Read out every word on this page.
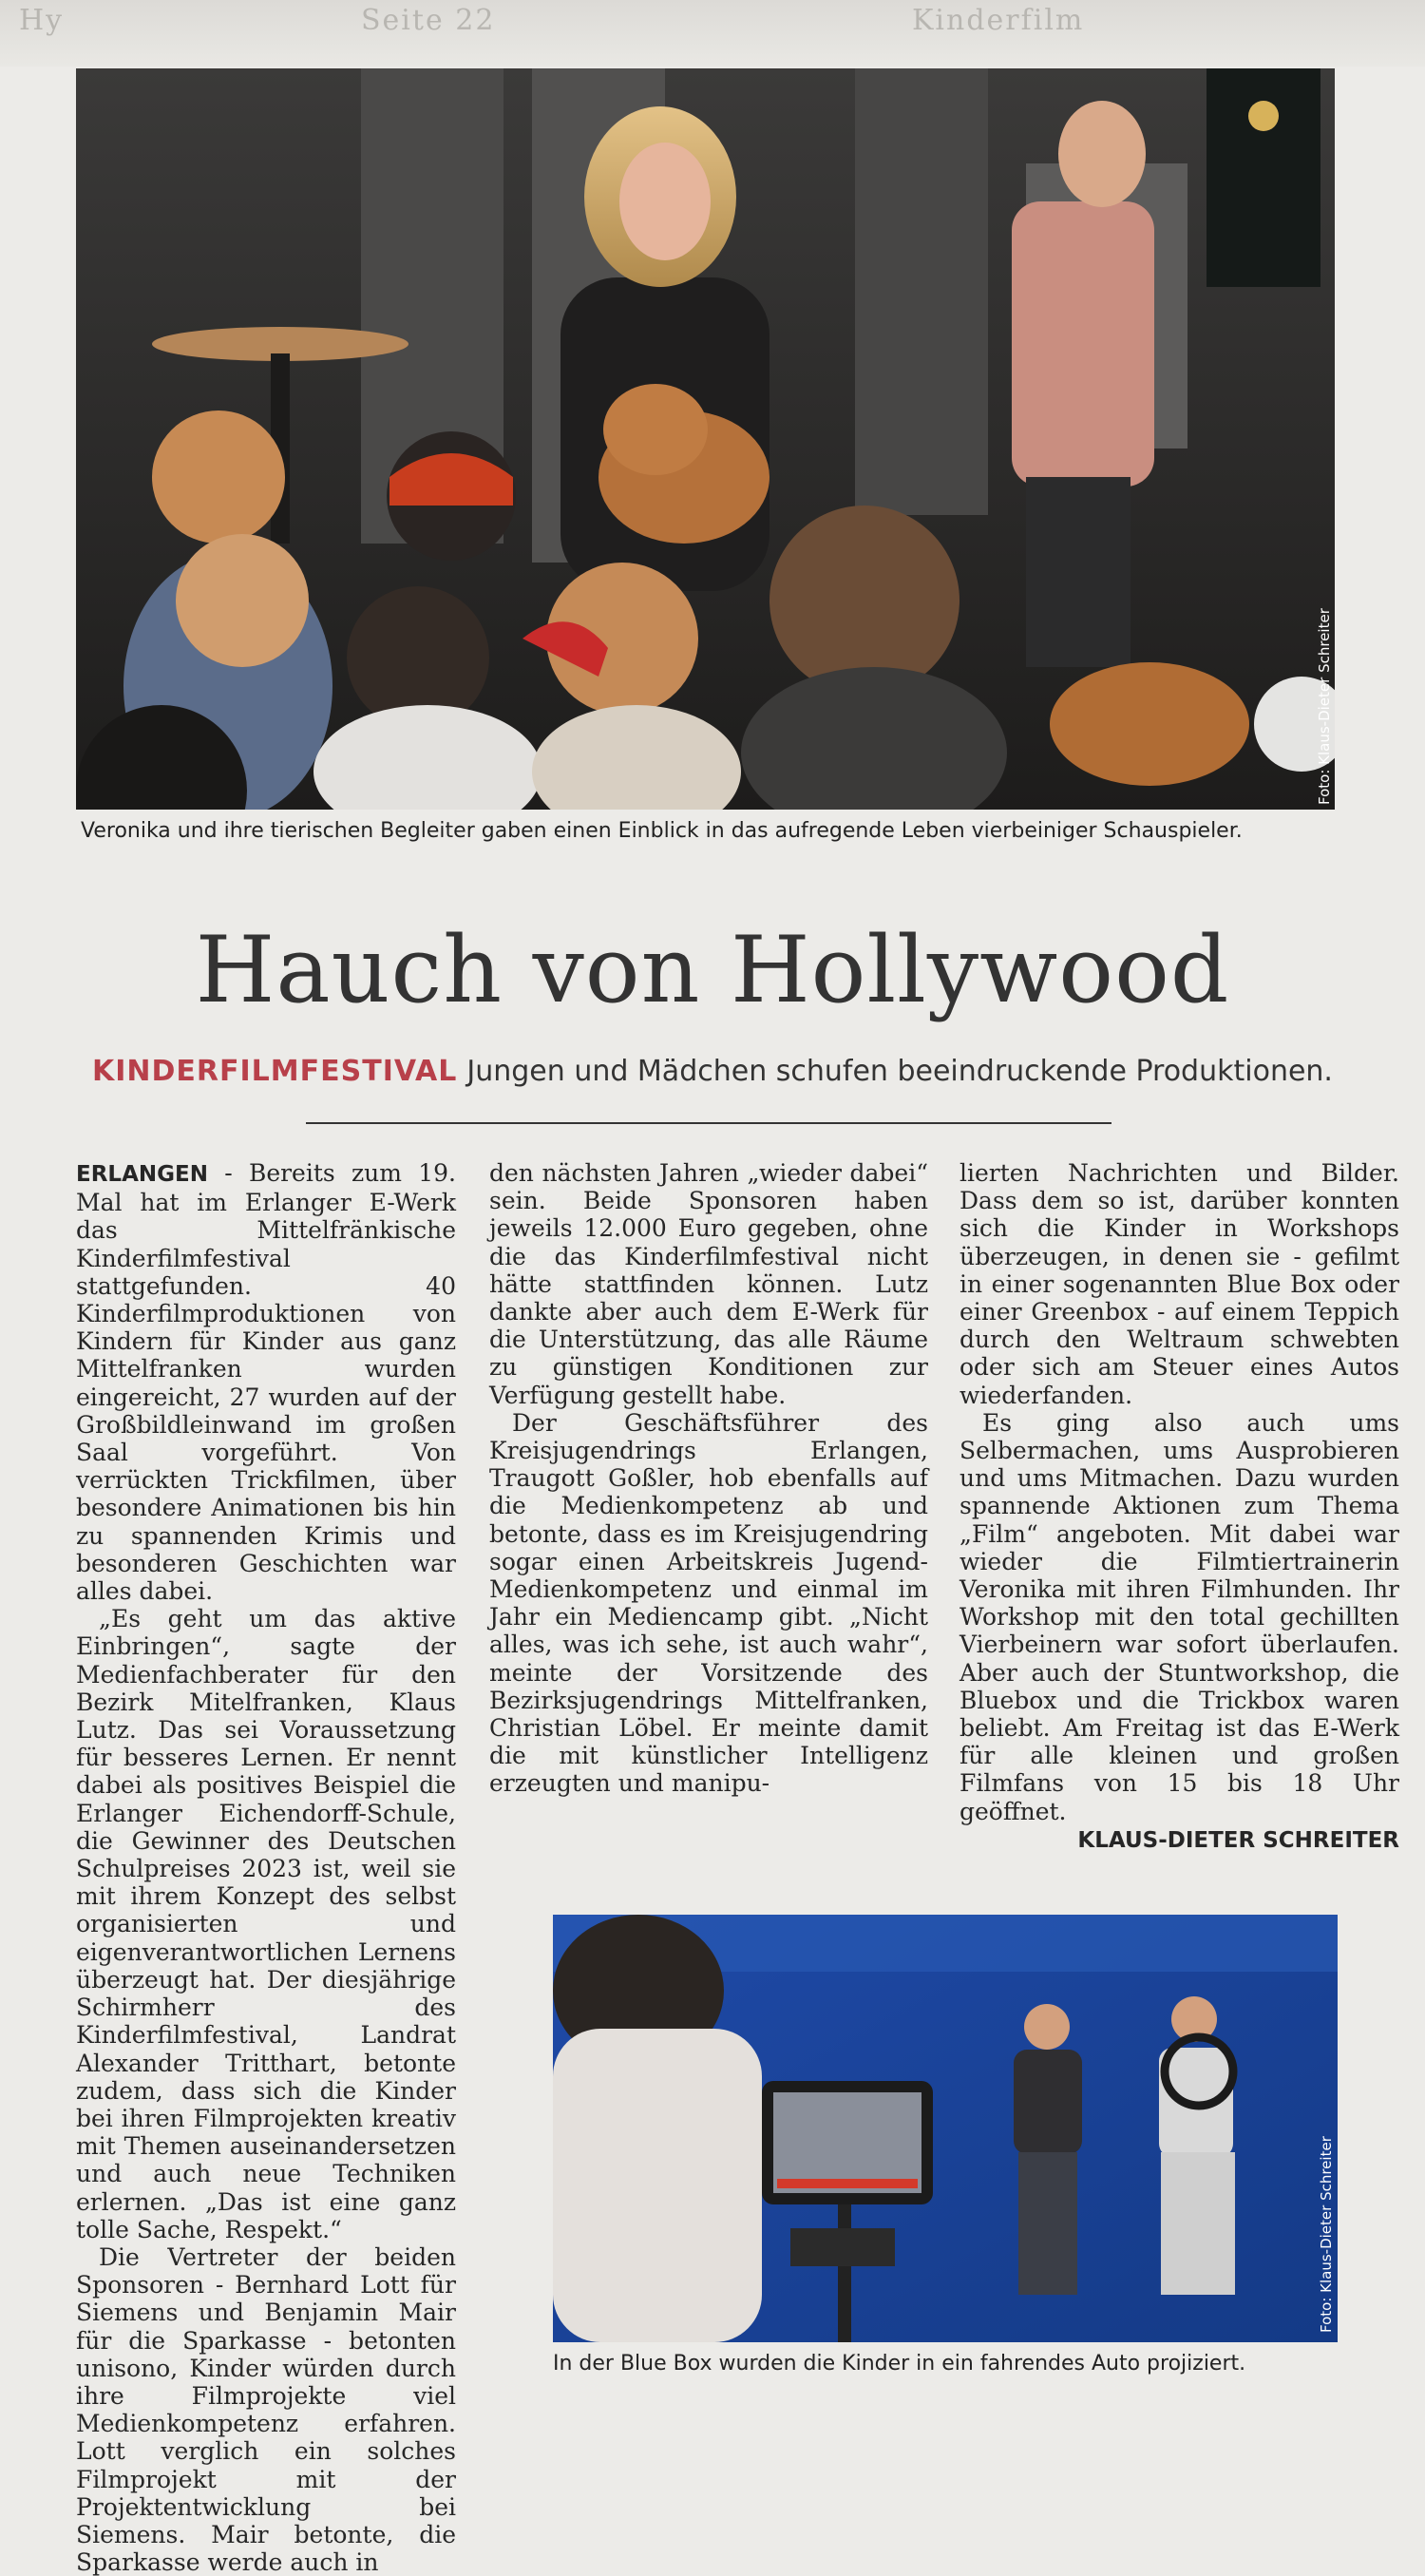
Hy	Seite 22	Kinderfilm
Foto: Klaus-Dieter Schreiter
Veronika und ihre tierischen Begleiter gaben einen Einblick in das aufregende Leben vierbeiniger Schauspieler.
Hauch von Hollywood
KINDERFILMFESTIVAL Jungen und Mädchen schufen beeindruckende Produktionen.

ERLANGEN - Bereits zum 19. Mal hat im Erlanger E-Werk das Mittelfränkische Kinderfilmfestival stattgefunden. 40 Kinderfilmproduktionen von Kindern für Kinder aus ganz Mittelfranken wurden eingereicht, 27 wurden auf der Großbildleinwand im großen Saal vorgeführt. Von verrückten Trickfilmen, über besondere Animationen bis hin zu spannenden Krimis und besonderen Geschichten war alles dabei.

„Es geht um das aktive Einbringen“, sagte der Medienfachberater für den Bezirk Mitelfranken, Klaus Lutz. Das sei Voraussetzung für besseres Lernen. Er nennt dabei als positives Beispiel die Erlanger Eichendorff-Schule, die Gewinner des Deutschen Schulpreises 2023 ist, weil sie mit ihrem Konzept des selbst organisierten und eigenverantwortlichen Lernens überzeugt hat. Der diesjährige Schirmherr des Kinderfilmfestival, Landrat Alexander Tritthart, betonte zudem, dass sich die Kinder bei ihren Filmprojekten kreativ mit Themen auseinandersetzen und auch neue Techniken erlernen. „Das ist eine ganz tolle Sache, Respekt.“

Die Vertreter der beiden Sponsoren - Bernhard Lott für Siemens und Benjamin Mair für die Sparkasse - betonten unisono, Kinder würden durch ihre Filmprojekte viel Medienkompetenz erfahren. Lott verglich ein solches Filmprojekt mit der Projektentwicklung bei Siemens. Mair betonte, die Sparkasse werde auch in

den nächsten Jahren „wieder dabei“ sein. Beide Sponsoren haben jeweils 12.000 Euro gegeben, ohne die das Kinderfilmfestival nicht hätte stattfinden können. Lutz dankte aber auch dem E-Werk für die Unterstützung, das alle Räume zu günstigen Konditionen zur Verfügung gestellt habe.

Der Geschäftsführer des Kreisjugendrings Erlangen, Traugott Goßler, hob ebenfalls auf die Medienkompetenz ab und betonte, dass es im Kreisjugendring sogar einen Arbeitskreis Jugend-Medienkompetenz und einmal im Jahr ein Mediencamp gibt. „Nicht alles, was ich sehe, ist auch wahr“, meinte der Vorsitzende des Bezirksjugendrings Mittelfranken, Christian Löbel. Er meinte damit die mit künstlicher Intelligenz erzeugten und manipu-

lierten Nachrichten und Bilder. Dass dem so ist, darüber konnten sich die Kinder in Workshops überzeugen, in denen sie - gefilmt in einer sogenannten Blue Box oder einer Greenbox - auf einem Teppich durch den Weltraum schwebten oder sich am Steuer eines Autos wiederfanden.

Es ging also auch ums Selbermachen, ums Ausprobieren und ums Mitmachen. Dazu wurden spannende Aktionen zum Thema „Film“ angeboten. Mit dabei war wieder die Filmtiertrainerin Veronika mit ihren Filmhunden. Ihr Workshop mit den total gechillten Vierbeinern war sofort überlaufen. Aber auch der Stuntworkshop, die Bluebox und die Trickbox waren beliebt. Am Freitag ist das E-Werk für alle kleinen und großen Filmfans von 15 bis 18 Uhr geöffnet.

KLAUS-DIETER SCHREITER
Foto: Klaus-Dieter Schreiter
In der Blue Box wurden die Kinder in ein fahrendes Auto projiziert.
